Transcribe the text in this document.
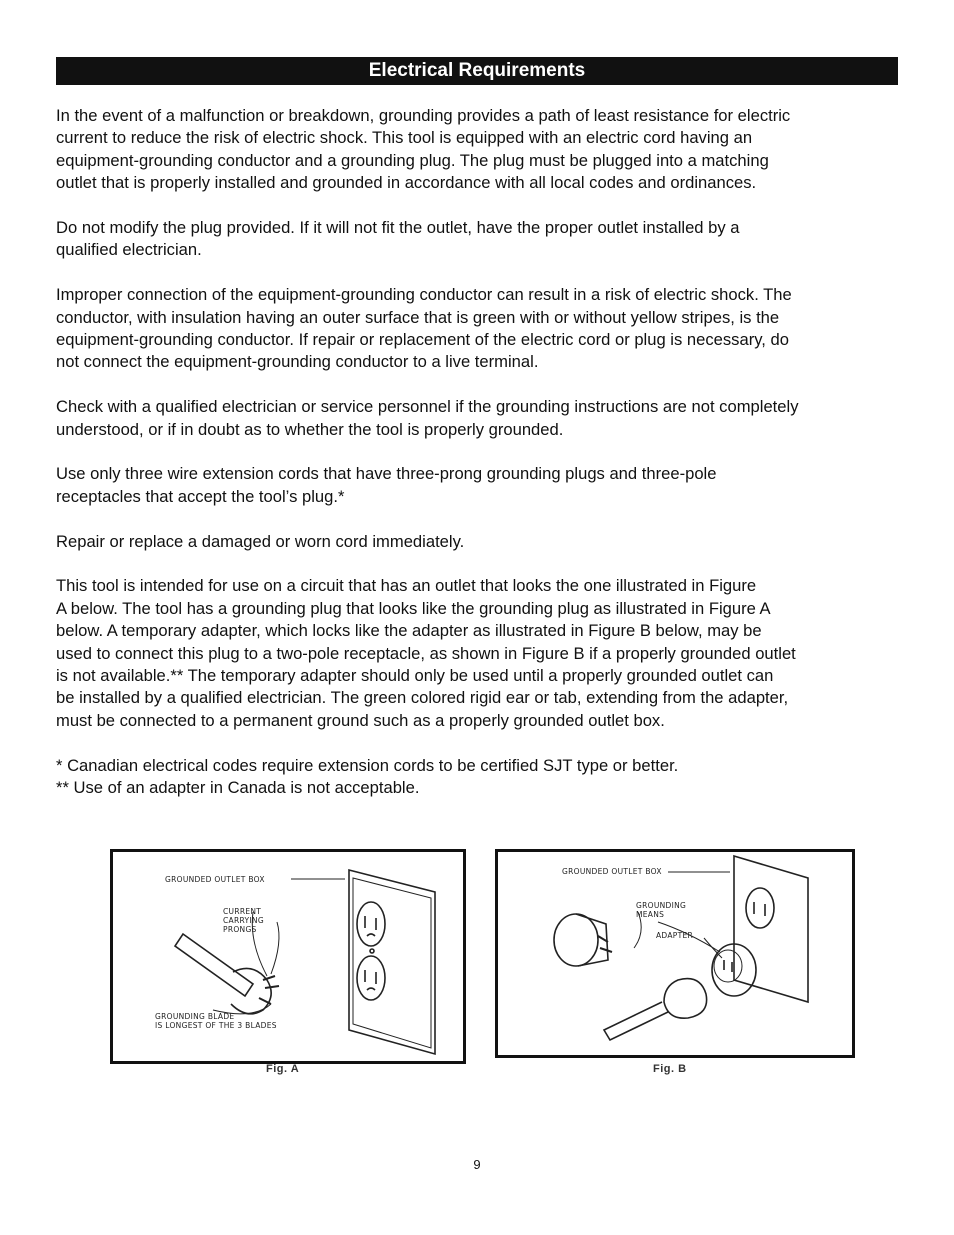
Electrical Requirements

In the event of a malfunction or breakdown, grounding provides a path of least resistance for electric
current to reduce the risk of electric shock. This tool is equipped with an electric cord having an
equipment-grounding conductor and a grounding plug. The plug must be plugged into a matching
outlet that is properly installed and grounded in accordance with all local codes and ordinances.

Do not modify the plug provided. If it will not fit the outlet, have the proper outlet installed by a
qualified electrician.

Improper connection of the equipment-grounding conductor can result in a risk of electric shock. The
conductor, with insulation having an outer surface that is green with or without yellow stripes, is the
equipment-grounding conductor. If repair or replacement of the electric cord or plug is necessary, do
not connect the equipment-grounding conductor to a live terminal.

Check with a qualified electrician or service personnel if the grounding instructions are not completely
understood, or if in doubt as to whether the tool is properly grounded.

Use only three wire extension cords that have three-prong grounding plugs and three-pole
receptacles that accept the tool’s plug.*

Repair or replace a damaged or worn cord immediately.

This tool is intended for use on a circuit that has an outlet that looks the one illustrated in Figure
A below. The tool has a grounding plug that looks like the grounding plug as illustrated in Figure A
below. A temporary adapter, which locks like the adapter as illustrated in Figure B below, may be
used to connect this plug to a two-pole receptacle, as shown in Figure B if a properly grounded outlet
is not available.** The temporary adapter should only be used until a properly grounded outlet can
be installed by a qualified electrician. The green colored rigid ear or tab, extending from the adapter,
must be connected to a permanent ground such as a properly grounded outlet box.

* Canadian electrical codes require extension cords to be certified SJT type or better.

** Use of an adapter in Canada is not acceptable.

GROUNDED OUTLET BOX
CURRENT
CARRYING
PRONGS
GROUNDING BLADE
IS LONGEST OF THE 3 BLADES
Fig. A
GROUNDED OUTLET BOX
GROUNDING
MEANS
ADAPTER
Fig. B
9
